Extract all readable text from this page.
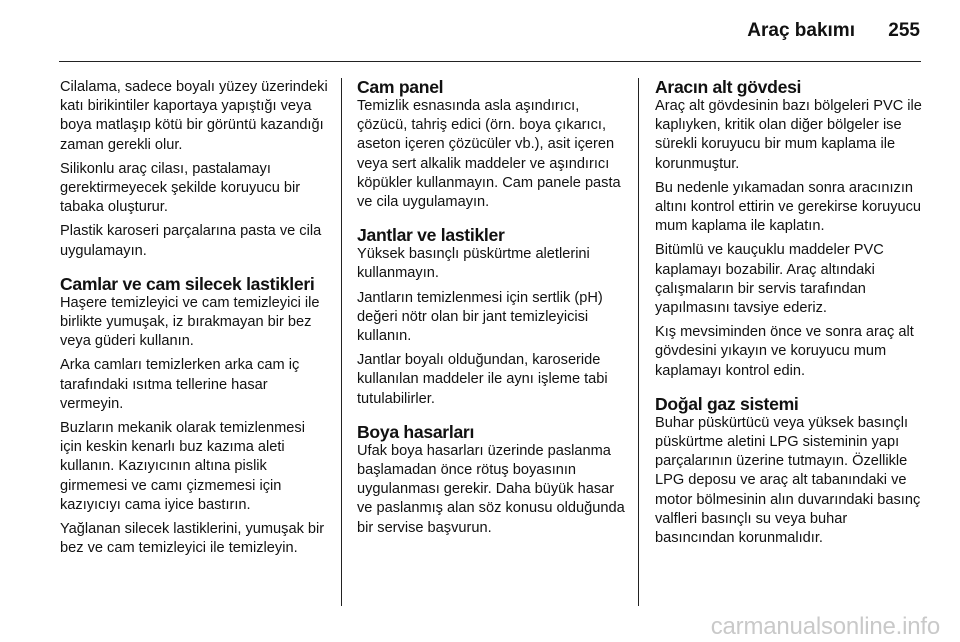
Araç bakımı 255

Cilalama, sadece boyalı yüzey üzerindeki katı birikintiler kaportaya yapıştığı veya boya matlaşıp kötü bir görüntü kazandığı zaman gerekli olur.

Silikonlu araç cilası, pastalamayı gerektirmeyecek şekilde koruyucu bir tabaka oluşturur.

Plastik karoseri parçalarına pasta ve cila uygulamayın.

Camlar ve cam silecek lastikleri

Haşere temizleyici ve cam temizleyici ile birlikte yumuşak, iz bırakmayan bir bez veya güderi kullanın.

Arka camları temizlerken arka cam iç tarafındaki ısıtma tellerine hasar vermeyin.

Buzların mekanik olarak temizlenmesi için keskin kenarlı buz kazıma aleti kullanın. Kazıyıcının altına pislik girmemesi ve camı çizmemesi için kazıyıcıyı cama iyice bastırın.

Yağlanan silecek lastiklerini, yumuşak bir bez ve cam temizleyici ile temizleyin.

Cam panel

Temizlik esnasında asla aşındırıcı, çözücü, tahriş edici (örn. boya çıkarıcı, aseton içeren çözücüler vb.), asit içeren veya sert alkalik maddeler ve aşındırıcı köpükler kullanmayın. Cam panele pasta ve cila uygulamayın.

Jantlar ve lastikler

Yüksek basınçlı püskürtme aletlerini kullanmayın.

Jantların temizlenmesi için sertlik (pH) değeri nötr olan bir jant temizleyicisi kullanın.

Jantlar boyalı olduğundan, karoseride kullanılan maddeler ile aynı işleme tabi tutulabilirler.

Boya hasarları

Ufak boya hasarları üzerinde paslanma başlamadan önce rötuş boyasının uygulanması gerekir. Daha büyük hasar ve paslanmış alan söz konusu olduğunda bir servise başvurun.

Aracın alt gövdesi

Araç alt gövdesinin bazı bölgeleri PVC ile kaplıyken, kritik olan diğer bölgeler ise sürekli koruyucu bir mum kaplama ile korunmuştur.

Bu nedenle yıkamadan sonra aracınızın altını kontrol ettirin ve gerekirse koruyucu mum kaplama ile kaplatın.

Bitümlü ve kauçuklu maddeler PVC kaplamayı bozabilir. Araç altındaki çalışmaların bir servis tarafından yapılmasını tavsiye ederiz.

Kış mevsiminden önce ve sonra araç alt gövdesini yıkayın ve koruyucu mum kaplamayı kontrol edin.

Doğal gaz sistemi

Buhar püskürtücü veya yüksek basınçlı püskürtme aletini LPG sisteminin yapı parçalarının üzerine tutmayın. Özellikle LPG deposu ve araç alt tabanındaki ve motor bölmesinin alın duvarındaki basınç valfleri basınçlı su veya buhar basıncından korunmalıdır.

carmanualsonline.info
